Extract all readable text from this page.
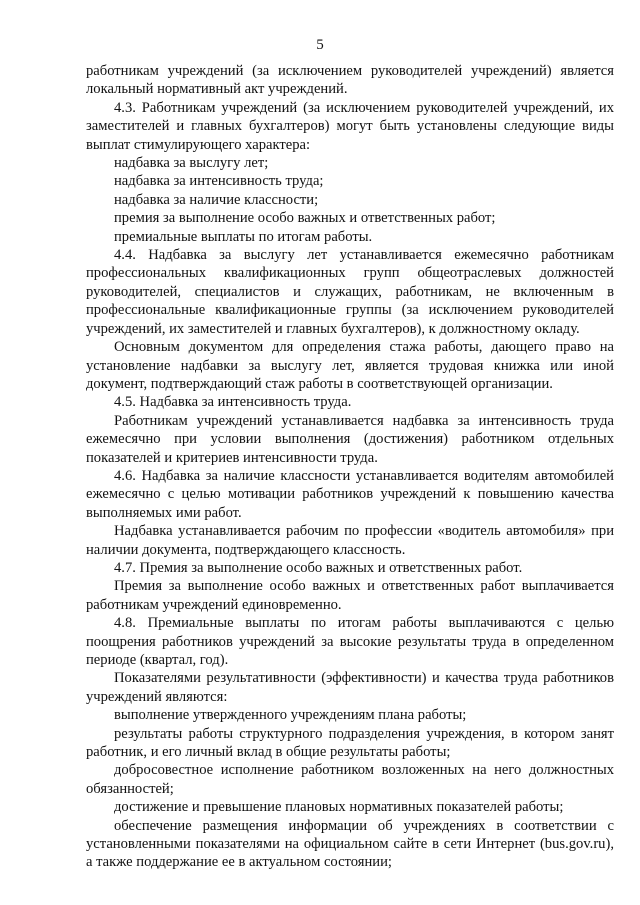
5

работникам учреждений (за исключением руководителей учреждений) является локальный нормативный акт учреждений.

4.3. Работникам учреждений (за исключением руководителей учреждений, их заместителей и главных бухгалтеров) могут быть установлены следующие виды выплат стимулирующего характера:

надбавка за выслугу лет;

надбавка за интенсивность труда;

надбавка за наличие классности;

премия за выполнение особо важных и ответственных работ;

премиальные выплаты по итогам работы.

4.4. Надбавка за выслугу лет устанавливается ежемесячно работникам профессиональных квалификационных групп общеотраслевых должностей руководителей, специалистов и служащих, работникам, не включенным в профессиональные квалификационные группы (за исключением руководителей учреждений, их заместителей и главных бухгалтеров), к должностному окладу.

Основным документом для определения стажа работы, дающего право на установление надбавки за выслугу лет, является трудовая книжка или иной документ, подтверждающий стаж работы в соответствующей организации.

4.5. Надбавка за интенсивность труда.

Работникам учреждений устанавливается надбавка за интенсивность труда ежемесячно при условии выполнения (достижения) работником отдельных показателей и критериев интенсивности труда.

4.6. Надбавка за наличие классности устанавливается водителям автомобилей ежемесячно с целью мотивации работников учреждений к повышению качества выполняемых ими работ.

Надбавка устанавливается рабочим по профессии «водитель автомобиля» при наличии документа, подтверждающего классность.

4.7. Премия за выполнение особо важных и ответственных работ.

Премия за выполнение особо важных и ответственных работ выплачивается работникам учреждений единовременно.

4.8. Премиальные выплаты по итогам работы выплачиваются с целью поощрения работников учреждений за высокие результаты труда в определенном периоде (квартал, год).

Показателями результативности (эффективности) и качества труда работников учреждений являются:

выполнение утвержденного учреждениям плана работы;

результаты работы структурного подразделения учреждения, в котором занят работник, и его личный вклад в общие результаты работы;

добросовестное исполнение работником возложенных на него должностных обязанностей;

достижение и превышение плановых нормативных показателей работы;

обеспечение размещения информации об учреждениях в соответствии с установленными показателями на официальном сайте в сети Интернет (bus.gov.ru), а также поддержание ее в актуальном состоянии;
